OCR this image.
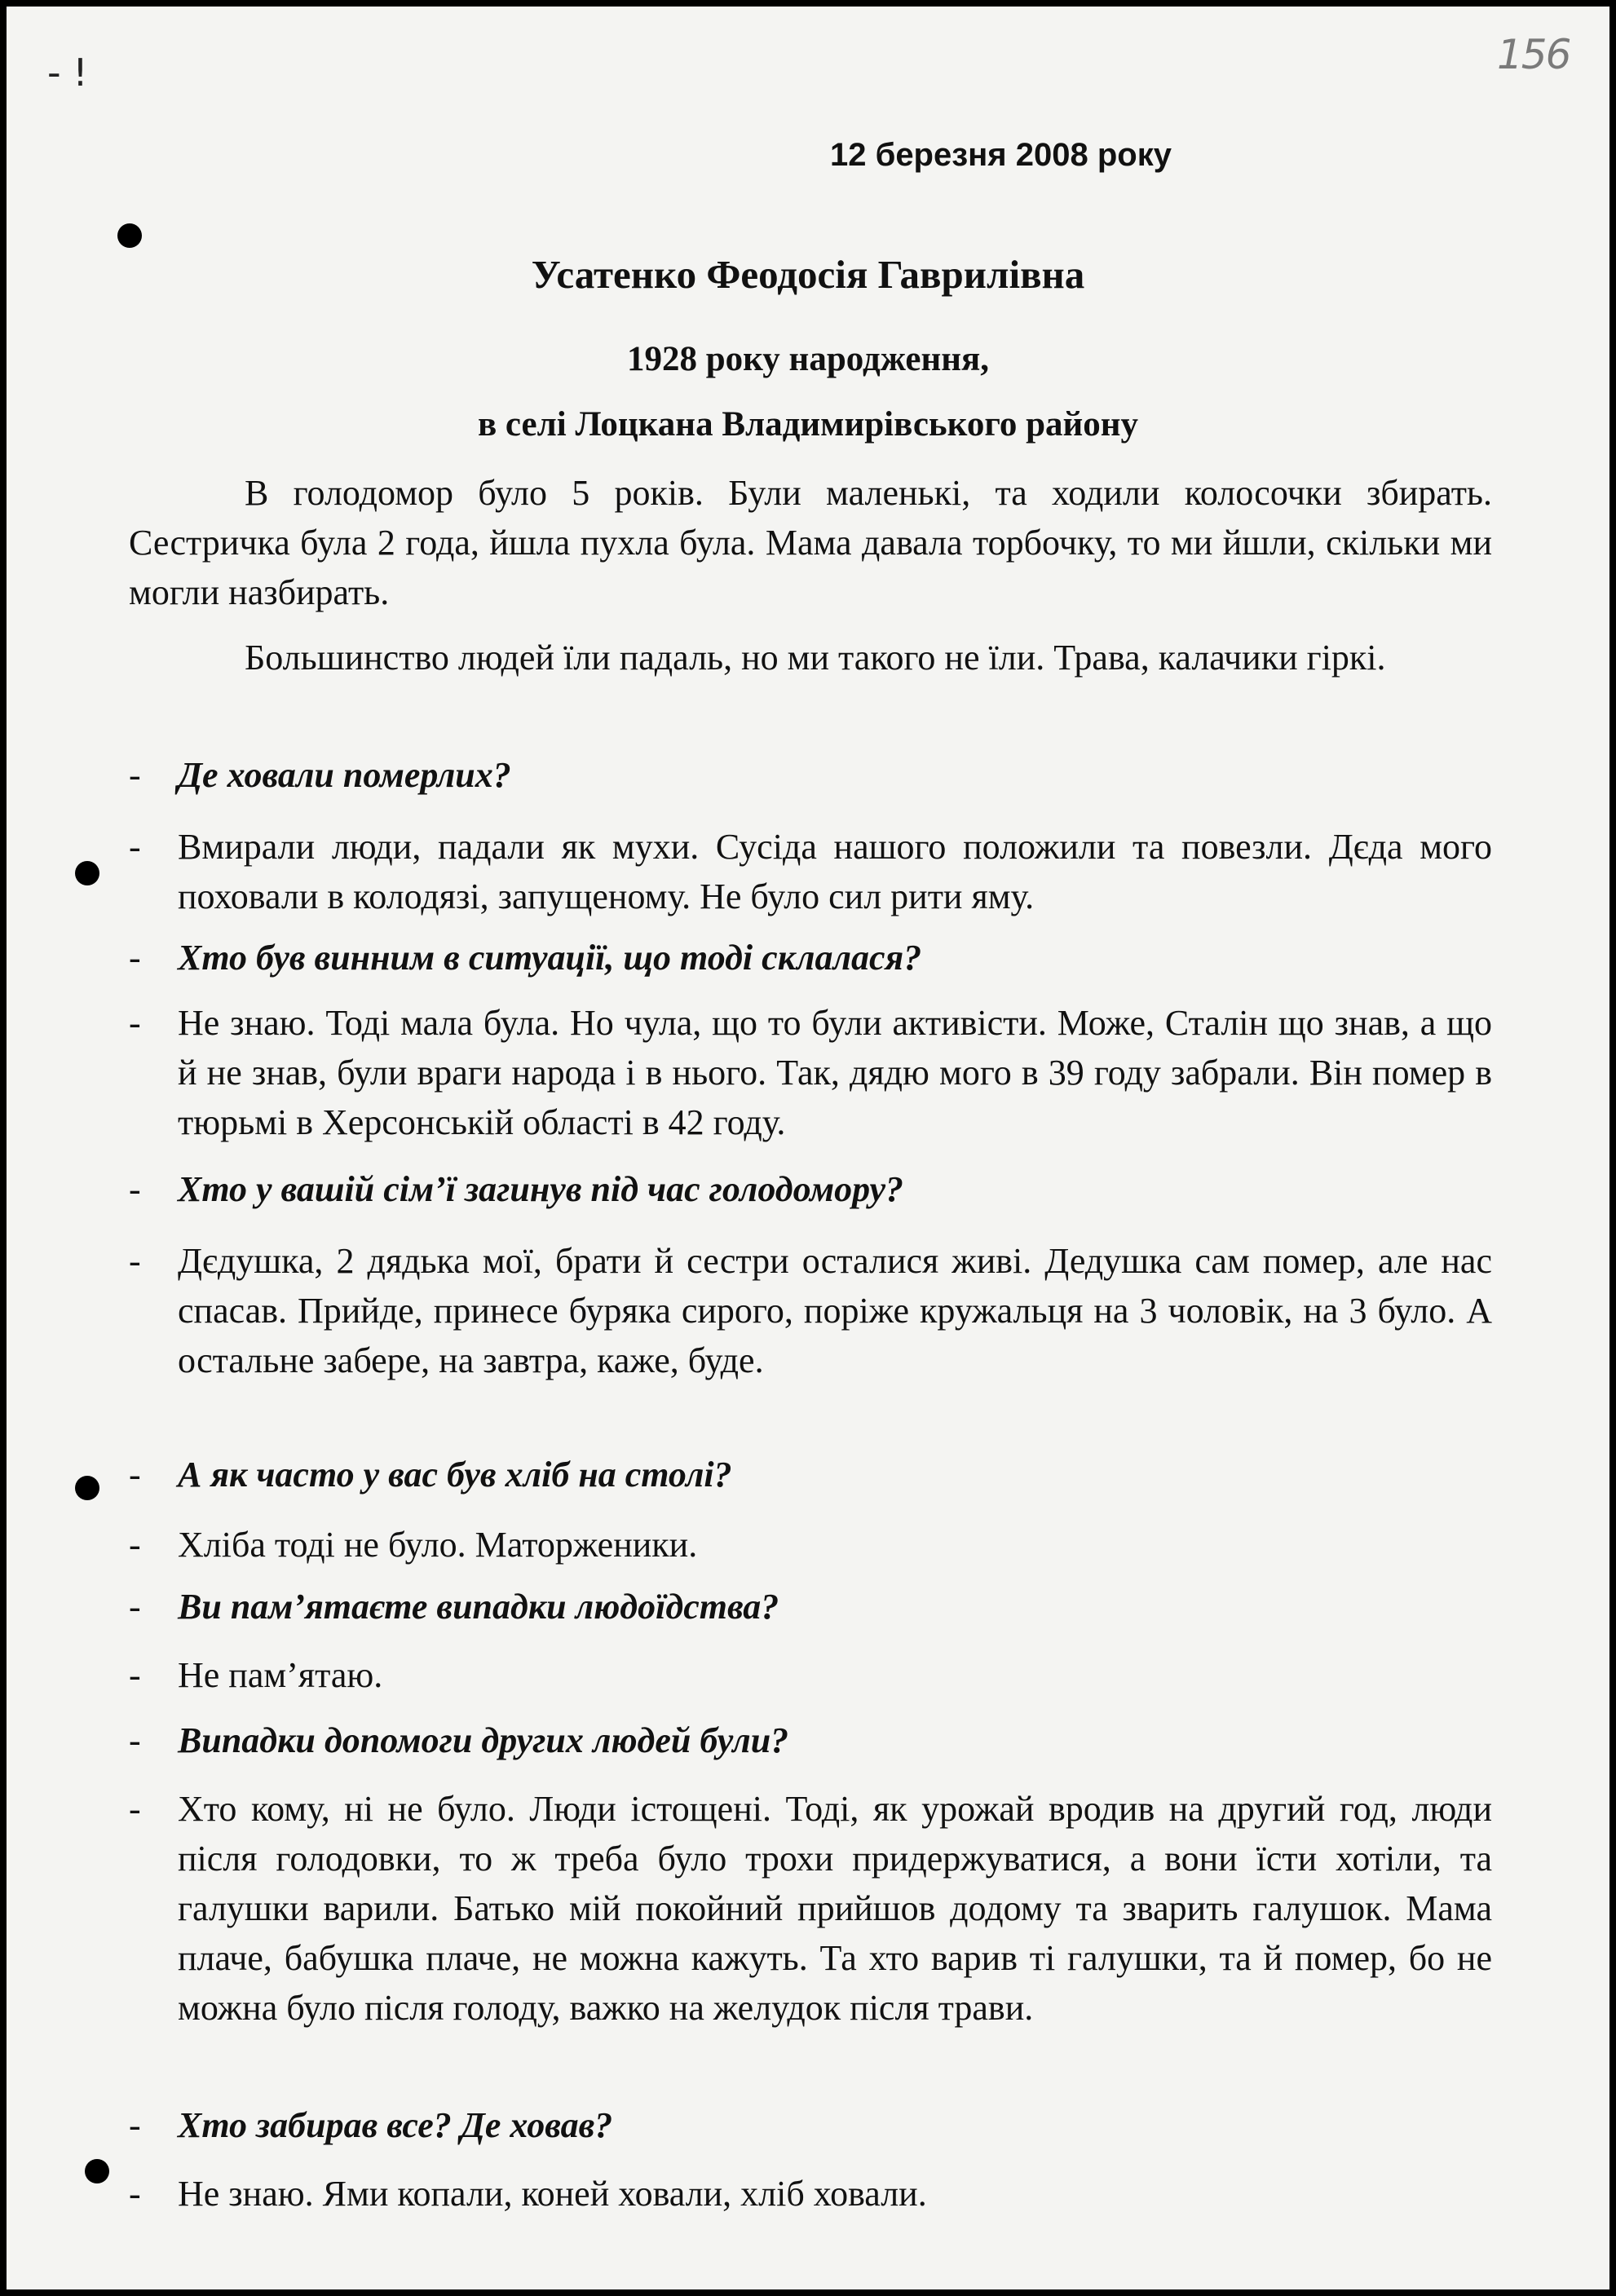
- !	156
12 березня 2008 року
Усатенко Феодосія Гаврилівна
1928 року народження,
в селі Лоцкана Владимирівського району
В голодомор було 5 років. Були маленькі, та ходили колосочки збирать. Сестричка була 2 года, йшла пухла була. Мама давала торбочку, то ми йшли, скільки ми могли назбирать.
Большинство людей їли падаль, но ми такого не їли. Трава, калачики гіркі.
- Де ховали померлих?
- Вмирали люди, падали як мухи. Сусіда нашого положили та повезли. Дєда мого поховали в колодязі, запущеному. Не було сил рити яму.
- Хто був винним в ситуації, що тоді склалася?
- Не знаю. Тоді мала була. Но чула, що то були активісти. Може, Сталін що знав, а що й не знав, були враги народа і в нього. Так, дядю мого в 39 году забрали. Він помер в тюрьмі в Херсонській області в 42 году.
- Хто у вашій сім’ї загинув під час голодомору?
- Дєдушка, 2 дядька мої, брати й сестри осталися живі. Дедушка сам помер, але нас спасав. Прийде, принесе буряка сирого, поріже кружальця на 3 чоловік, на 3 було. А остальне забере, на завтра, каже, буде.
- А як часто у вас був хліб на столі?
- Хліба тоді не було. Маторженики.
- Ви пам’ятаєте випадки людоїдства?
- Не пам’ятаю.
- Випадки допомоги других людей були?
- Хто кому, ні не було. Люди істощені. Тоді, як урожай вродив на другий год, люди після голодовки, то ж треба було трохи придержуватися, а вони їсти хотіли, та галушки варили. Батько мій покойний прийшов додому та зварить галушок. Мама плаче, бабушка плаче, не можна кажуть. Та хто варив ті галушки, та й помер, бо не можна було після голоду, важко на желудок після трави.
- Хто забирав все? Де ховав?
- Не знаю. Ями копали, коней ховали, хліб ховали.
